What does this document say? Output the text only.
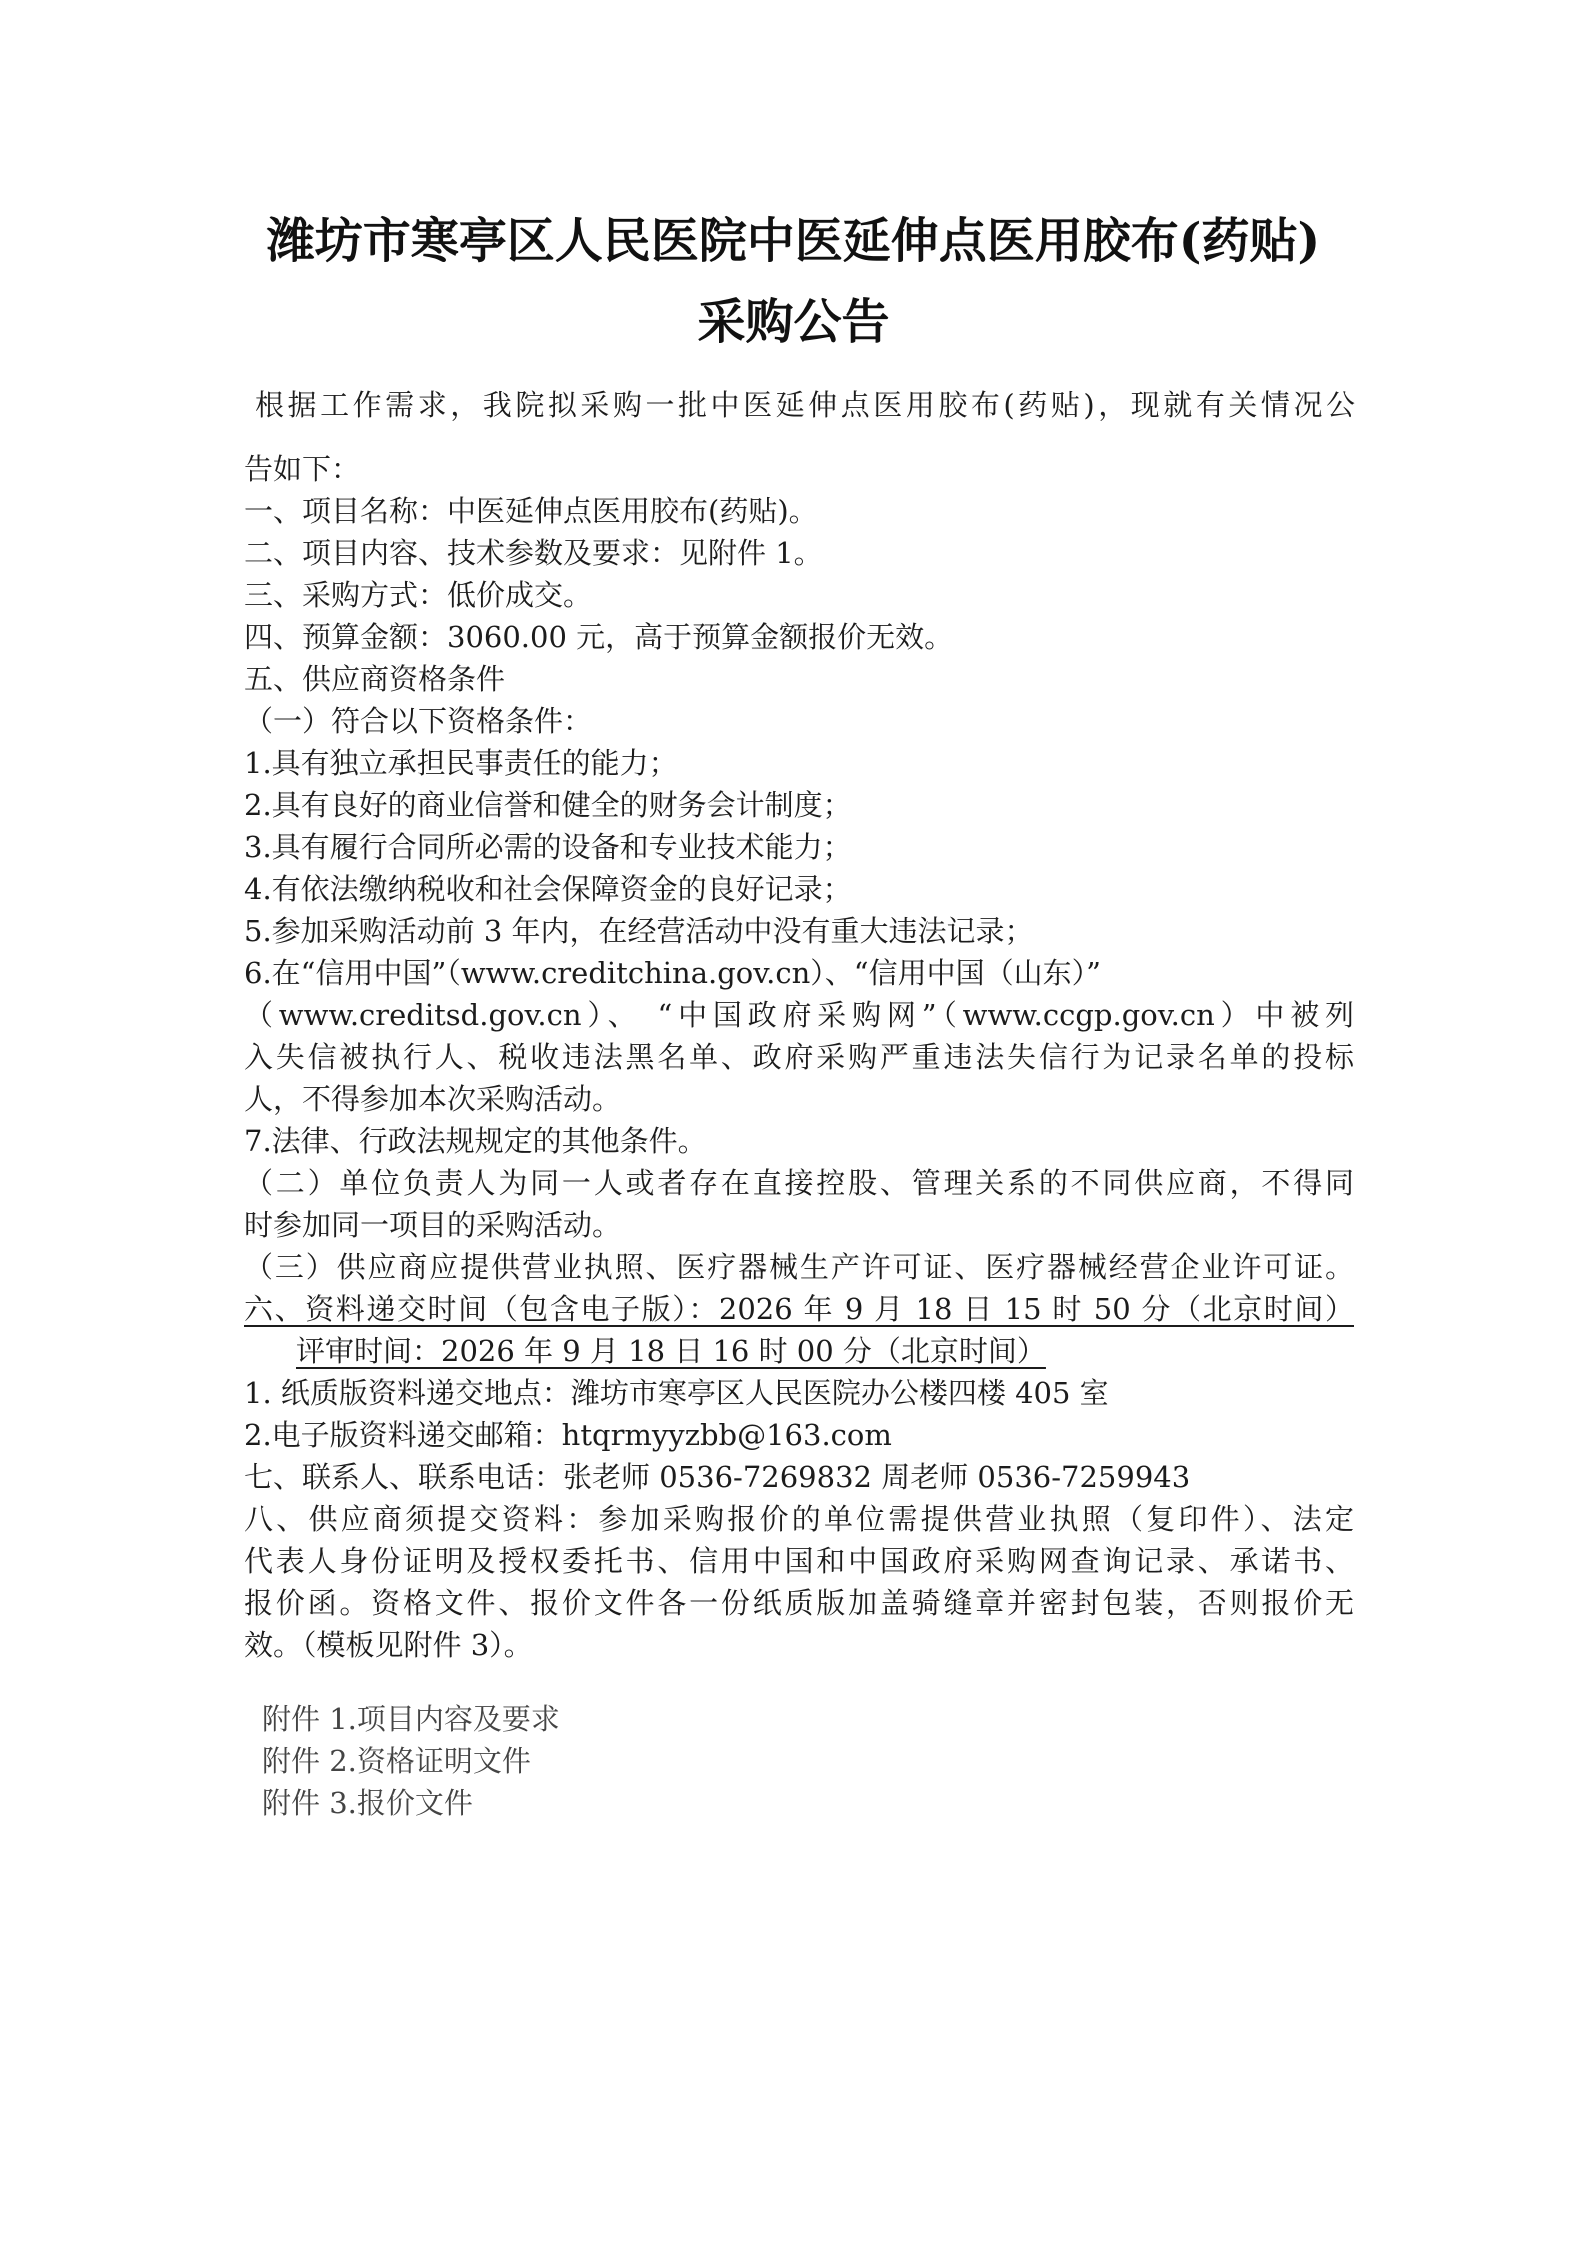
潍坊市寒亭区人民医院中医延伸点医用胶布(药贴)
采购公告
根据工作需求，我院拟采购一批中医延伸点医用胶布(药贴)，现就有关情况公
告如下：
一、项目名称：中医延伸点医用胶布(药贴)。
二、项目内容、技术参数及要求：见附件 1。
三、采购方式：低价成交。
四、预算金额：3060.00 元，高于预算金额报价无效。
五、供应商资格条件
（一）符合以下资格条件：
1.具有独立承担民事责任的能力；
2.具有良好的商业信誉和健全的财务会计制度；
3.具有履行合同所必需的设备和专业技术能力；
4.有依法缴纳税收和社会保障资金的良好记录；
5.参加采购活动前 3 年内，在经营活动中没有重大违法记录；
6.在“信用中国”（www.creditchina.gov.cn）、“信用中国（山东）”
（www.creditsd.gov.cn）、 “中国政府采购网”（www.ccgp.gov.cn）中被列
入失信被执行人、税收违法黑名单、政府采购严重违法失信行为记录名单的投标
人，不得参加本次采购活动。
7.法律、行政法规规定的其他条件。
（二）单位负责人为同一人或者存在直接控股、管理关系的不同供应商，不得同
时参加同一项目的采购活动。
（三）供应商应提供营业执照、医疗器械生产许可证、医疗器械经营企业许可证。
六、资料递交时间（包含电子版）：2026 年 9 月 18 日 15 时 50 分（北京时间）
评审时间：2026 年 9 月 18 日 16 时 00 分（北京时间）
1. 纸质版资料递交地点：潍坊市寒亭区人民医院办公楼四楼 405 室
2.电子版资料递交邮箱：htqrmyyzbb@163.com
七、联系人、联系电话：张老师 0536-7269832 周老师 0536-7259943
八、供应商须提交资料：参加采购报价的单位需提供营业执照（复印件）、法定
代表人身份证明及授权委托书、信用中国和中国政府采购网查询记录、承诺书、
报价函。资格文件、报价文件各一份纸质版加盖骑缝章并密封包装，否则报价无
效。（模板见附件 3）。
附件 1.项目内容及要求
附件 2.资格证明文件
附件 3.报价文件
